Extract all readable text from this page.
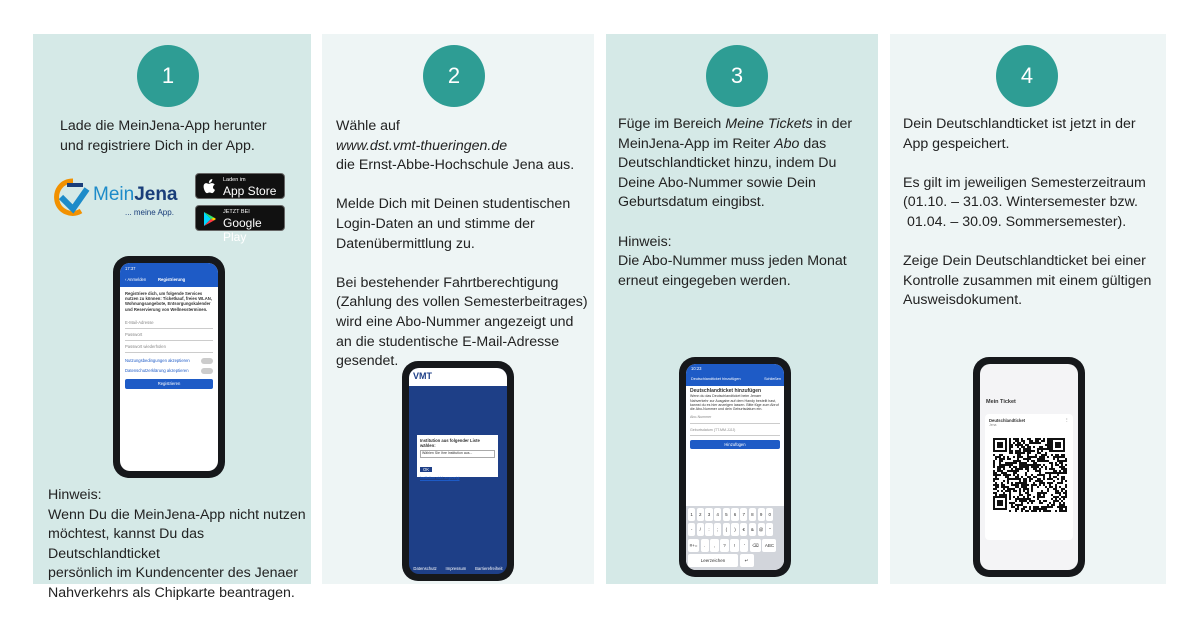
1
Lade die MeinJena-App herunter
und registriere Dich in der App.
MeinJena
... meine App.
Laden im
App Store
JETZT BEI
Google Play
17:37
‹ Anmelden	Registrierung
Registriere dich, um folgende Services nutzen zu können: Ticketkauf, freies WLAN, Wohnungsangebote, Entsorgungskalender und Reservierung von Wellnessterminen.
E-Mail-Adresse
Passwort
Passwort wiederholen
Nutzungsbedingungen akzeptieren
Datenschutzerklärung akzeptieren
Registrieren
Hinweis:
Wenn Du die MeinJena-App nicht nutzen
möchtest, kannst Du das Deutschlandticket
persönlich im Kundencenter des Jenaer
Nahverkehrs als Chipkarte beantragen.
2
Wähle auf
www.dst.vmt-thueringen.de
die Ernst-Abbe-Hochschule Jena aus.
Melde Dich mit Deinen studentischen
Login-Daten an und stimme der
Datenübermittlung zu.
Bei bestehender Fahrtberechtigung
(Zahlung des vollen Semesterbeitrages)
wird eine Abo-Nummer angezeigt und
an die studentische E-Mail-Adresse
gesendet.
VMT
Institution aus folgender Liste wählen:
Wählen Sie Ihre Institution aus...
OK
Institution nicht angezeigt
Datenschutz Impressum Barrierefreiheit
3
Füge im Bereich Meine Tickets in der
MeinJena-App im Reiter Abo das
Deutschlandticket hinzu, indem Du
Deine Abo-Nummer sowie Dein
Geburtsdatum eingibst.
Hinweis:
Die Abo-Nummer muss jeden Monat
erneut eingegeben werden.
10:23
Deutschlandticket hinzufügen	Schließen
Deutschlandticket hinzufügen
Wenn du das Deutschlandticket beim Jenaer Nahverkehr zur Ausgabe auf dem Handy bestellt hast, kannst du es hier anzeigen lassen. Bitte füge zum Abruf die Abo-Nummer und dein Geburtsdatum ein.
Abo-Nummer
Geburtsdatum (TT.MM.JJJJ)
Hinzufügen
1	2	3	4	5	6	7	8	9	0
-	/	:	;	(	)	€	&	@	"
#+=	.	,	?	!	'	⌫	ABC
Leerzeichen	↵
4
Dein Deutschlandticket ist jetzt in der
App gespeichert.
Es gilt im jeweiligen Semesterzeitraum
(01.10. – 31.03. Wintersemester bzw.
01.04. – 30.09. Sommersemester).
Zeige Dein Deutschlandticket bei einer
Kontrolle zusammen mit einem gültigen
Ausweisdokument.
Mein Ticket
Deutschlandticket
Jena
⋮
